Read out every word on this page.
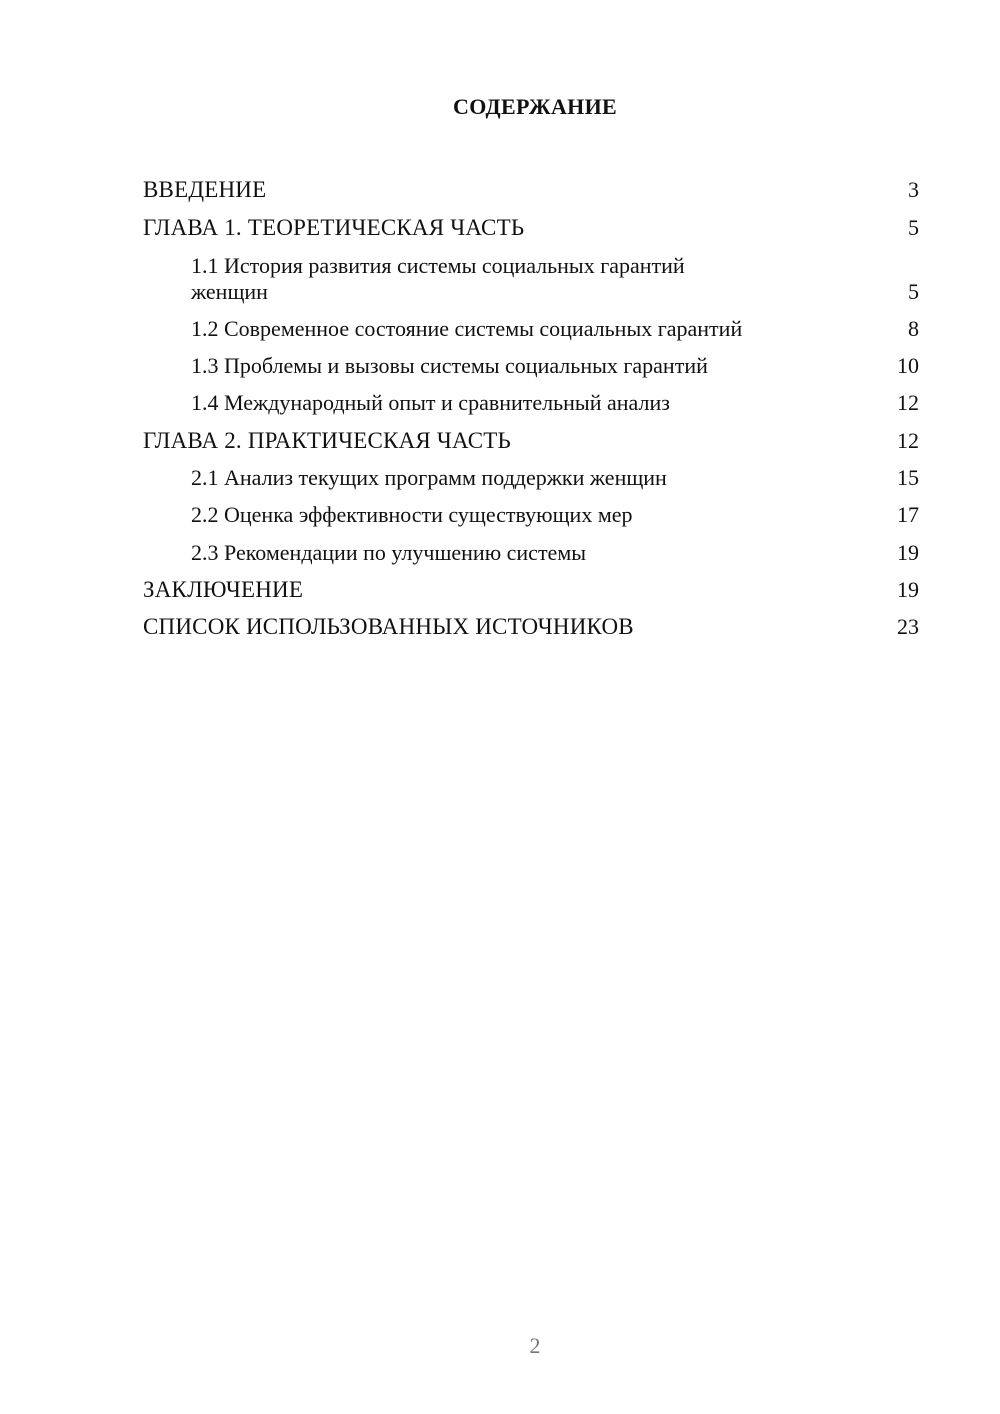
СОДЕРЖАНИЕ
ВВЕДЕНИЕ	3
ГЛАВА 1. ТЕОРЕТИЧЕСКАЯ ЧАСТЬ	5
1.1 История развития системы социальных гарантий женщин	5
1.2 Современное состояние системы социальных гарантий	8
1.3 Проблемы и вызовы системы социальных гарантий	10
1.4 Международный опыт и сравнительный анализ	12
ГЛАВА 2. ПРАКТИЧЕСКАЯ ЧАСТЬ	12
2.1 Анализ текущих программ поддержки женщин	15
2.2 Оценка эффективности существующих мер	17
2.3 Рекомендации по улучшению системы	19
ЗАКЛЮЧЕНИЕ	19
СПИСОК ИСПОЛЬЗОВАННЫХ ИСТОЧНИКОВ	23
2
